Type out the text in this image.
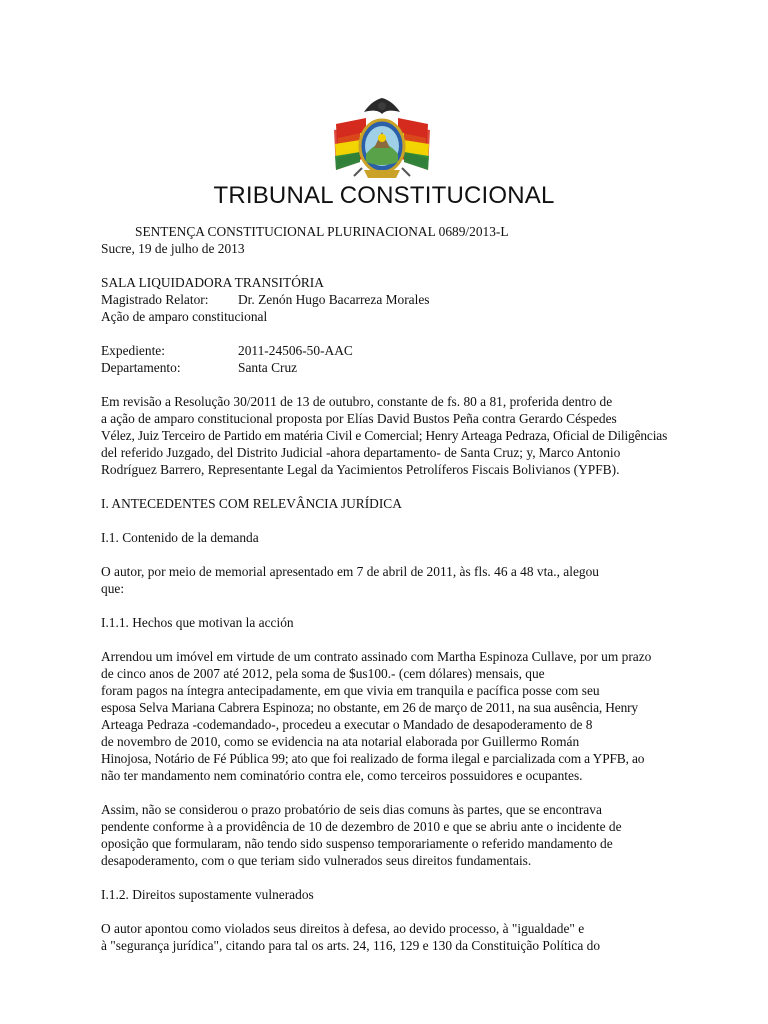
TRIBUNAL CONSTITUCIONAL
SENTENÇA CONSTITUCIONAL PLURINACIONAL 0689/2013-L
Sucre, 19 de julho de 2013
SALA LIQUIDADORA TRANSITÓRIA
Magistrado Relator: Dr. Zenón Hugo Bacarreza Morales
Ação de amparo constitucional
Expediente:	2011-24506-50-AAC
Departamento:	Santa Cruz
Em revisão a Resolução 30/2011 de 13 de outubro, constante de fs. 80 a 81, proferida dentro de
a ação de amparo constitucional proposta por Elías David Bustos Peña contra Gerardo Céspedes
Vélez, Juiz Terceiro de Partido em matéria Civil e Comercial; Henry Arteaga Pedraza, Oficial de Diligências
del referido Juzgado, del Distrito Judicial -ahora departamento- de Santa Cruz; y, Marco Antonio
Rodríguez Barrero, Representante Legal da Yacimientos Petrolíferos Fiscais Bolivianos (YPFB).
I. ANTECEDENTES COM RELEVÂNCIA JURÍDICA
I.1. Contenido de la demanda
O autor, por meio de memorial apresentado em 7 de abril de 2011, às fls. 46 a 48 vta., alegou
que:
I.1.1. Hechos que motivan la acción
Arrendou um imóvel em virtude de um contrato assinado com Martha Espinoza Cullave, por um prazo
de cinco anos de 2007 até 2012, pela soma de $us100.- (cem dólares) mensais, que
foram pagos na íntegra antecipadamente, em que vivia em tranquila e pacífica posse com seu
esposa Selva Mariana Cabrera Espinoza; no obstante, em 26 de março de 2011, na sua ausência, Henry
Arteaga Pedraza -codemandado-, procedeu a executar o Mandado de desapoderamento de 8
de novembro de 2010, como se evidencia na ata notarial elaborada por Guillermo Román
Hinojosa, Notário de Fé Pública 99; ato que foi realizado de forma ilegal e parcializada com a YPFB, ao
não ter mandamento nem cominatório contra ele, como terceiros possuidores e ocupantes.
Assim, não se considerou o prazo probatório de seis dias comuns às partes, que se encontrava
pendente conforme à a providência de 10 de dezembro de 2010 e que se abriu ante o incidente de
oposição que formularam, não tendo sido suspenso temporariamente o referido mandamento de
desapoderamento, com o que teriam sido vulnerados seus direitos fundamentais.
I.1.2. Direitos supostamente vulnerados
O autor apontou como violados seus direitos à defesa, ao devido processo, à "igualdade" e
à "segurança jurídica", citando para tal os arts. 24, 116, 129 e 130 da Constituição Política do
